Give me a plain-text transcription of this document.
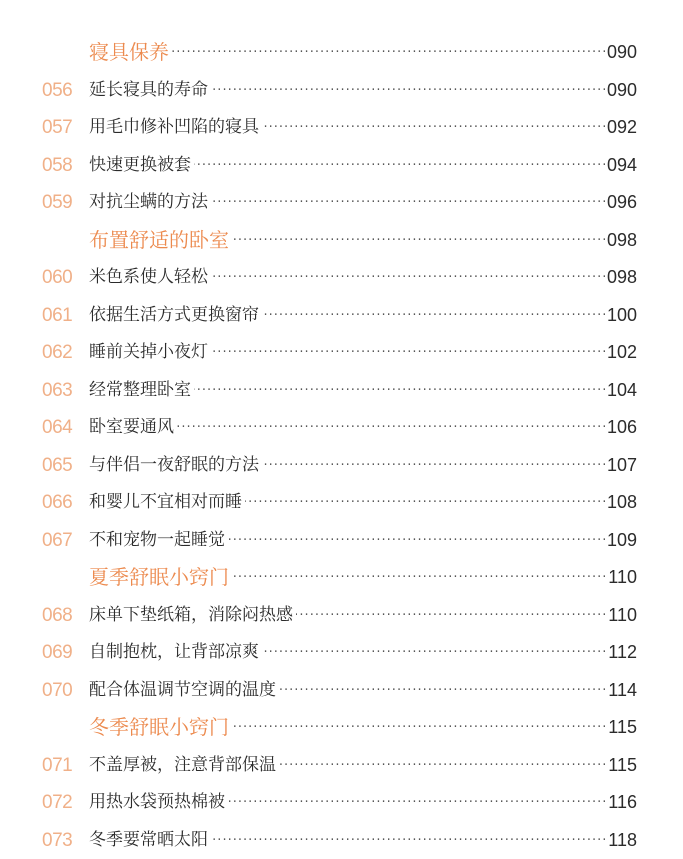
·····
寝具保养	090
·····
056 延长寝具的寿命	090
·····
057 用毛巾修补凹陷的寝具	092
·····
058 快速更换被套	094
·····
059 对抗尘螨的方法	096
·····
布置舒适的卧室	098
·····
060 米色系使人轻松	098
·····
061 依据生活方式更换窗帘	100
·····
062 睡前关掉小夜灯	102
·····
063 经常整理卧室	104
·····
064 卧室要通风	106
·····
065 与伴侣一夜舒眠的方法	107
·····
066 和婴儿不宜相对而睡	108
·····
067 不和宠物一起睡觉	109
·····
夏季舒眠小窍门	110
·····
068 床单下垫纸箱，消除闷热感	110
·····
069 自制抱枕，让背部凉爽	112
·····
070 配合体温调节空调的温度	114
·····
冬季舒眠小窍门	115
·····
071 不盖厚被，注意背部保温	115
·····
072 用热水袋预热棉被	116
·····
073 冬季要常晒太阳	118
